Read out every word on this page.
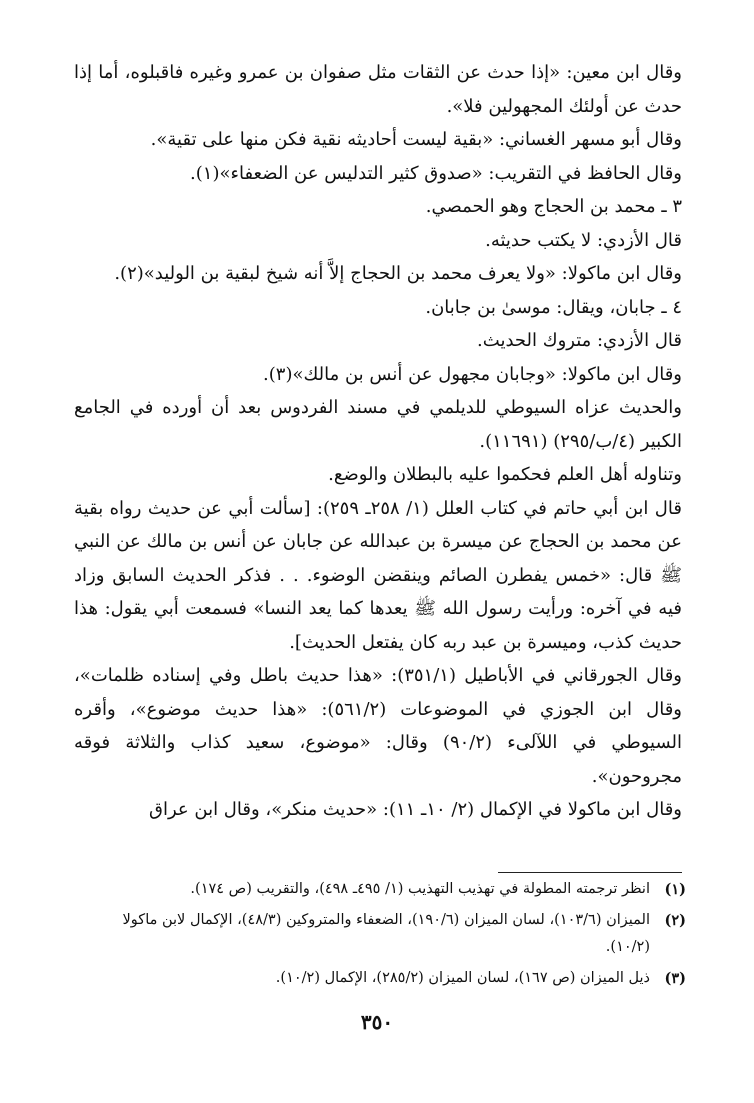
وقال ابن معين: «إذا حدث عن الثقات مثل صفوان بن عمرو وغيره فاقبلوه، أما إذا حدث عن أولئك المجهولين فلا».

وقال أبو مسهر الغساني: «بقية ليست أحاديثه نقية فكن منها على تقية».

وقال الحافظ في التقريب: «صدوق كثير التدليس عن الضعفاء»(١).

٣ ـ محمد بن الحجاج وهو الحمصي.

قال الأزدي: لا يكتب حديثه.

وقال ابن ماكولا: «ولا يعرف محمد بن الحجاج إلاَّ أنه شيخ لبقية بن الوليد»(٢).

٤ ـ جابان، ويقال: موسىٰ بن جابان.

قال الأزدي: متروك الحديث.

وقال ابن ماكولا: «وجابان مجهول عن أنس بن مالك»(٣).

والحديث عزاه السيوطي للديلمي في مسند الفردوس بعد أن أورده في الجامع الكبير (٤/ب/٢٩٥) (١١٦٩١).

وتناوله أهل العلم فحكموا عليه بالبطلان والوضع.

قال ابن أبي حاتم في كتاب العلل (١/ ٢٥٨ـ ٢٥٩): [سألت أبي عن حديث رواه بقية عن محمد بن الحجاج عن ميسرة بن عبدالله عن جابان عن أنس بن مالك عن النبي ﷺ قال: «خمس يفطرن الصائم وينقضن الوضوء. . . فذكر الحديث السابق وزاد فيه في آخره: ورأيت رسول الله ﷺ يعدها كما يعد النسا» فسمعت أبي يقول: هذا حديث كذب، وميسرة بن عبد ربه كان يفتعل الحديث].

وقال الجورقاني في الأباطيل (٣٥١/١): «هذا حديث باطل وفي إسناده ظلمات»، وقال ابن الجوزي في الموضوعات (٥٦١/٢): «هذا حديث موضوع»، وأقره السيوطي في اللآلىء (٩٠/٢) وقال: «موضوع، سعيد كذاب والثلاثة فوقه مجروحون».

وقال ابن ماكولا في الإكمال (٢/ ١٠ـ ١١): «حديث منكر»، وقال ابن عراق

(١)
انظر ترجمته المطولة في تهذيب التهذيب (١/ ٤٩٥ـ ٤٩٨)، والتقريب (ص ١٧٤).
(٢)
الميزان (١٠٣/٦)، لسان الميزان (١٩٠/٦)، الضعفاء والمتروكين (٤٨/٣)، الإكمال لابن ماكولا (١٠/٢).
(٣)
ذيل الميزان (ص ١٦٧)، لسان الميزان (٢٨٥/٢)، الإكمال (١٠/٢).
٣٥٠
